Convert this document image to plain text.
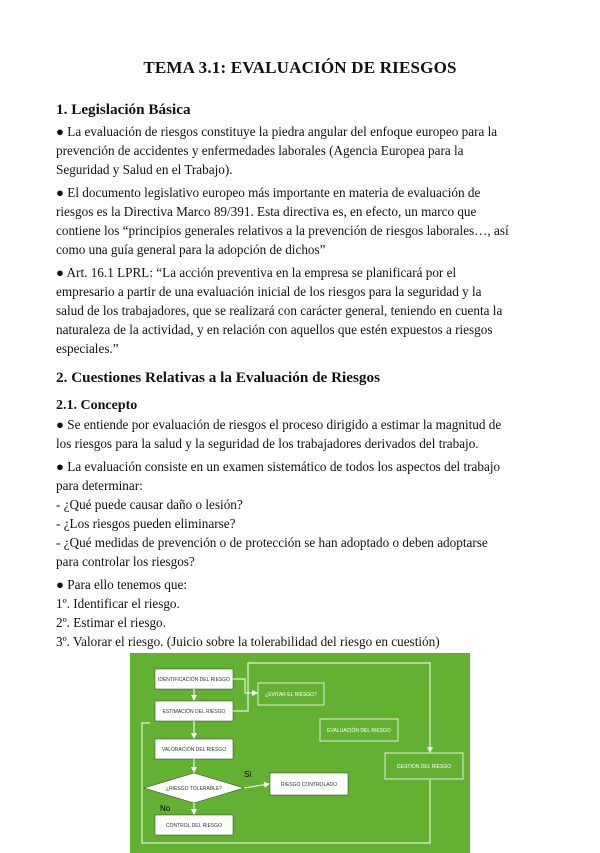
TEMA 3.1: EVALUACIÓN DE RIESGOS
1. Legislación Básica

● La evaluación de riesgos constituye la piedra angular del enfoque europeo para la
prevención de accidentes y enfermedades laborales (Agencia Europea para la
Seguridad y Salud en el Trabajo).

● El documento legislativo europeo más importante en materia de evaluación de
riesgos es la Directiva Marco 89/391. Esta directiva es, en efecto, un marco que
contiene los “principios generales relativos a la prevención de riesgos laborales…, así
como una guía general para la adopción de dichos”

● Art. 16.1 LPRL: “La acción preventiva en la empresa se planificará por el
empresario a partir de una evaluación inicial de los riesgos para la seguridad y la
salud de los trabajadores, que se realizará con carácter general, teniendo en cuenta la
naturaleza de la actividad, y en relación con aquellos que estén expuestos a riesgos
especiales.”

2. Cuestiones Relativas a la Evaluación de Riesgos
2.1. Concepto

● Se entiende por evaluación de riesgos el proceso dirigido a estimar la magnitud de
los riesgos para la salud y la seguridad de los trabajadores derivados del trabajo.

● La evaluación consiste en un examen sistemático de todos los aspectos del trabajo
para determinar:
- ¿Qué puede causar daño o lesión?
- ¿Los riesgos pueden eliminarse?
- ¿Qué medidas de prevención o de protección se han adoptado o deben adoptarse
para controlar los riesgos?

● Para ello tenemos que:
1º. Identificar el riesgo.
2º. Estimar el riesgo.
3º. Valorar el riesgo. (Juicio sobre la tolerabilidad del riesgo en cuestión)

IDENTIFICACIÓN DEL RIESGO
¿EVITAR EL RIESGO?
ESTIMACIÓN DEL RIESGO
EVALUACIÓN DEL RIESGO
VALORACIÓN DEL RIESGO
GESTIÓN DEL RIESGO
RIESGO CONTROLADO
¿RIESGO TOLERABLE?
CONTROL DEL RIESGO
Si
No
